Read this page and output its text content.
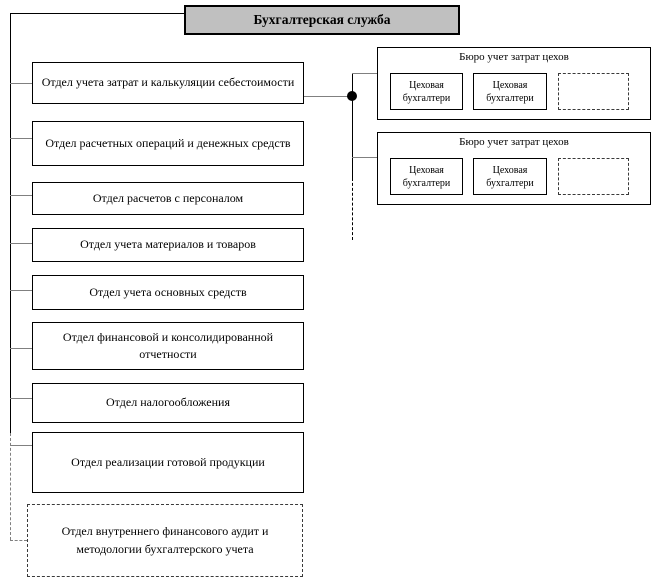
Бухгалтерская служба
Отдел учета затрат и калькуляции себестоимости
Отдел расчетных операций и денежных средств
Отдел расчетов с персоналом
Отдел учета материалов и товаров
Отдел учета основных средств
Отдел финансовой и консолидированной отчетности
Отдел налогообложения
Отдел реализации готовой продукции
Отдел внутреннего финансового аудит и методологии бухгалтерского учета
Бюро учет затрат цехов
Цеховая бухгалтери
Цеховая бухгалтери
Бюро учет затрат цехов
Цеховая бухгалтери
Цеховая бухгалтери
